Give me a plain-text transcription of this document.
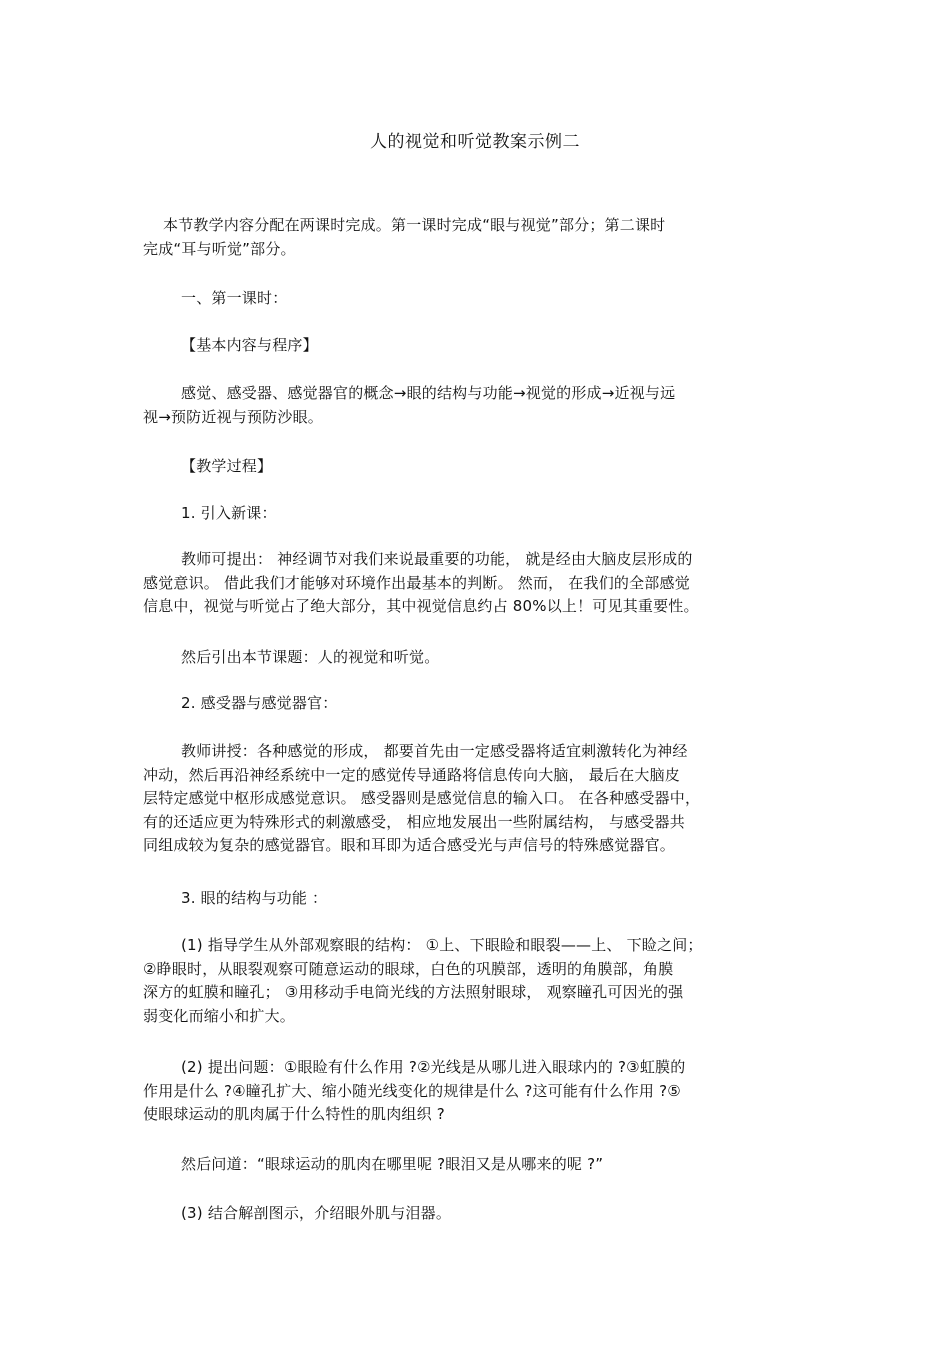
人的视觉和听觉教案示例二
本节教学内容分配在两课时完成。第一课时完成“眼与视觉”部分；第二课时
完成“耳与听觉”部分。
一、第一课时：
【基本内容与程序】
感觉、感受器、感觉器官的概念→眼的结构与功能→视觉的形成→近视与远
视→预防近视与预防沙眼。
【教学过程】
1. 引入新课：
教师可提出： 神经调节对我们来说最重要的功能， 就是经由大脑皮层形成的
感觉意识。 借此我们才能够对环境作出最基本的判断。 然而， 在我们的全部感觉
信息中，视觉与听觉占了绝大部分，其中视觉信息约占 80%以上！可见其重要性。
然后引出本节课题：人的视觉和听觉。
2. 感受器与感觉器官：
教师讲授：各种感觉的形成， 都要首先由一定感受器将适宜刺激转化为神经
冲动，然后再沿神经系统中一定的感觉传导通路将信息传向大脑， 最后在大脑皮
层特定感觉中枢形成感觉意识。 感受器则是感觉信息的输入口。 在各种感受器中，
有的还适应更为特殊形式的刺激感受， 相应地发展出一些附属结构， 与感受器共
同组成较为复杂的感觉器官。眼和耳即为适合感受光与声信号的特殊感觉器官。
3. 眼的结构与功能 ：
(1) 指导学生从外部观察眼的结构： ①上、下眼睑和眼裂——上、 下睑之间；
②睁眼时，从眼裂观察可随意运动的眼球，白色的巩膜部，透明的角膜部，角膜
深方的虹膜和瞳孔； ③用移动手电筒光线的方法照射眼球， 观察瞳孔可因光的强
弱变化而缩小和扩大。
(2) 提出问题：①眼睑有什么作用 ?②光线是从哪儿进入眼球内的 ?③虹膜的
作用是什么 ?④瞳孔扩大、缩小随光线变化的规律是什么 ?这可能有什么作用 ?⑤
使眼球运动的肌肉属于什么特性的肌肉组织 ?
然后问道：“眼球运动的肌肉在哪里呢 ?眼泪又是从哪来的呢 ?”
(3) 结合解剖图示，介绍眼外肌与泪器。
